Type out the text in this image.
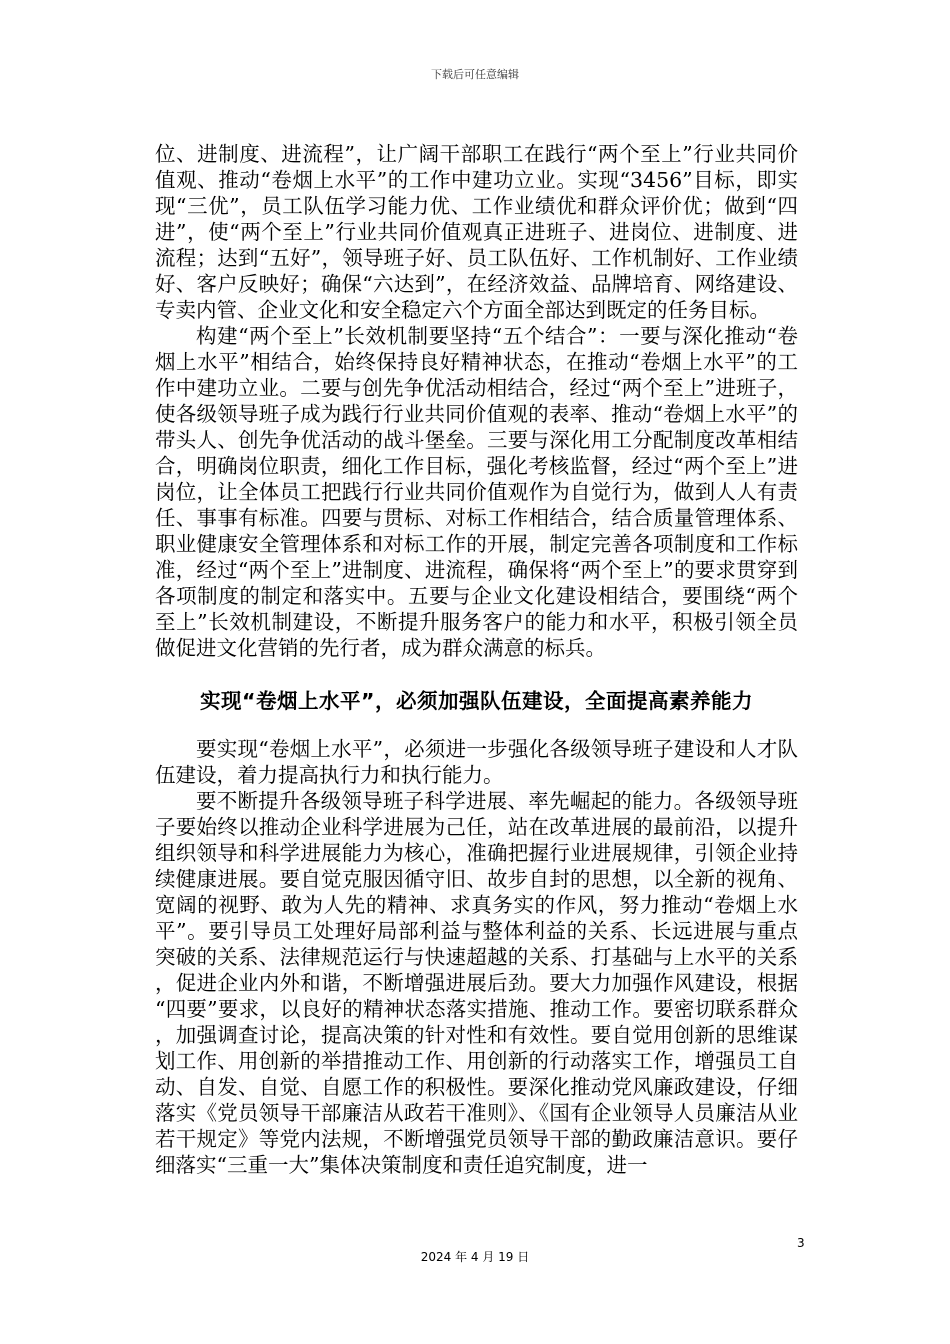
下载后可任意编辑

位、进制度、进流程”，让广阔干部职工在践行“两个至上”行业共同价值观、推动“卷烟上水平”的工作中建功立业。实现“3456”目标，即实现“三优”，员工队伍学习能力优、工作业绩优和群众评价优；做到“四进”，使“两个至上”行业共同价值观真正进班子、进岗位、进制度、进流程；达到“五好”，领导班子好、员工队伍好、工作机制好、工作业绩好、客户反映好；确保“六达到”，在经济效益、品牌培育、网络建设、专卖内管、企业文化和安全稳定六个方面全部达到既定的任务目标。

构建“两个至上”长效机制要坚持“五个结合”：一要与深化推动“卷烟上水平”相结合，始终保持良好精神状态，在推动“卷烟上水平”的工作中建功立业。二要与创先争优活动相结合，经过“两个至上”进班子，使各级领导班子成为践行行业共同价值观的表率、推动“卷烟上水平”的带头人、创先争优活动的战斗堡垒。三要与深化用工分配制度改革相结合，明确岗位职责，细化工作目标，强化考核监督，经过“两个至上”进岗位，让全体员工把践行行业共同价值观作为自觉行为，做到人人有责任、事事有标准。四要与贯标、对标工作相结合，结合质量管理体系、职业健康安全管理体系和对标工作的开展，制定完善各项制度和工作标准，经过“两个至上”进制度、进流程，确保将“两个至上”的要求贯穿到各项制度的制定和落实中。五要与企业文化建设相结合，要围绕“两个至上”长效机制建设，不断提升服务客户的能力和水平，积极引领全员做促进文化营销的先行者，成为群众满意的标兵。

实现“卷烟上水平”，必须加强队伍建设，全面提高素养能力

要实现“卷烟上水平”，必须进一步强化各级领导班子建设和人才队伍建设，着力提高执行力和执行能力。

要不断提升各级领导班子科学进展、率先崛起的能力。各级领导班子要始终以推动企业科学进展为己任，站在改革进展的最前沿，以提升组织领导和科学进展能力为核心，准确把握行业进展规律，引领企业持续健康进展。要自觉克服因循守旧、故步自封的思想，以全新的视角、宽阔的视野、敢为人先的精神、求真务实的作风，努力推动“卷烟上水平”。要引导员工处理好局部利益与整体利益的关系、长远进展与重点突破的关系、法律规范运行与快速超越的关系、打基础与上水平的关系，促进企业内外和谐，不断增强进展后劲。要大力加强作风建设，根据“四要”要求，以良好的精神状态落实措施、推动工作。要密切联系群众，加强调查讨论，提高决策的针对性和有效性。要自觉用创新的思维谋划工作、用创新的举措推动工作、用创新的行动落实工作，增强员工自动、自发、自觉、自愿工作的积极性。要深化推动党风廉政建设，仔细落实《党员领导干部廉洁从政若干准则》、《国有企业领导人员廉洁从业若干规定》等党内法规，不断增强党员领导干部的勤政廉洁意识。要仔细落实“三重一大”集体决策制度和责任追究制度，进一

3
2024 年 4 月 19 日
